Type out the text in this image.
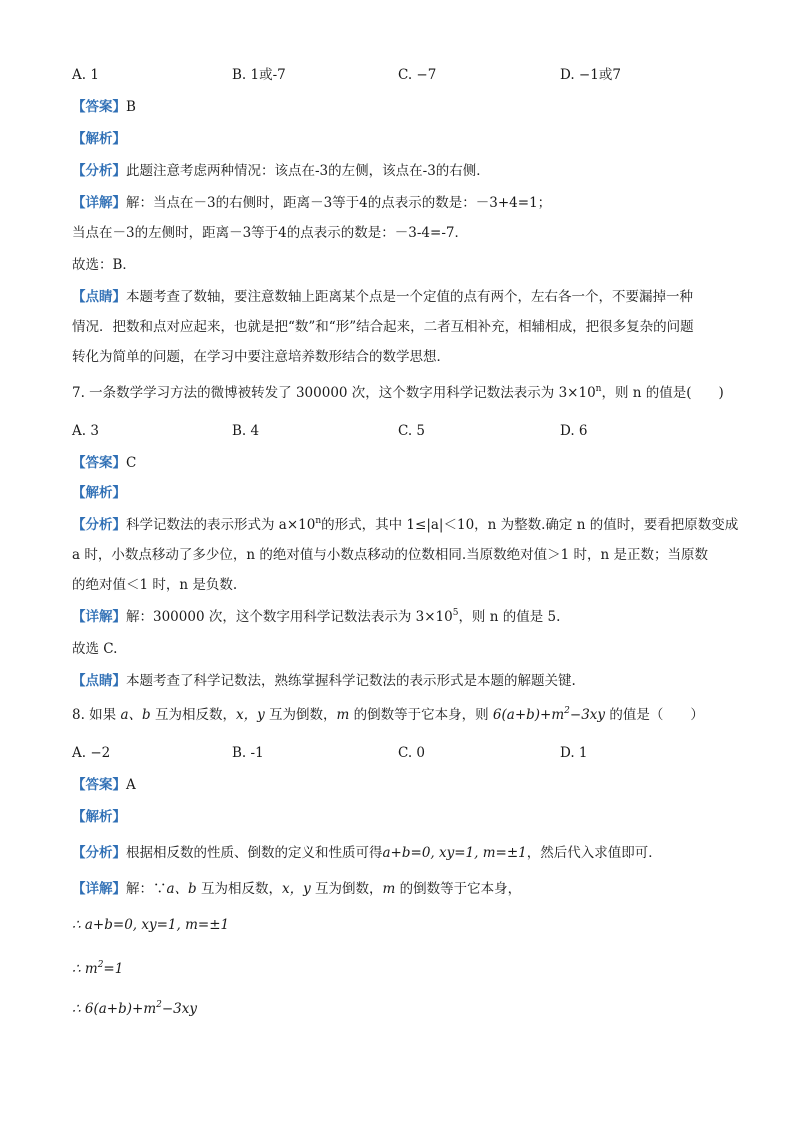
A. 1	B. 1或-7	C. −7	D. −1或7
【答案】B
【解析】
【分析】此题注意考虑两种情况：该点在-3的左侧，该点在-3的右侧．
【详解】解：当点在－3的右侧时，距离－3等于4的点表示的数是：－3+4=1；
当点在－3的左侧时，距离－3等于4的点表示的数是：－3-4=-7．
故选：B．
【点睛】本题考查了数轴，要注意数轴上距离某个点是一个定值的点有两个，左右各一个，不要漏掉一种
情况．把数和点对应起来，也就是把“数”和“形”结合起来，二者互相补充，相辅相成，把很多复杂的问题
转化为简单的问题，在学习中要注意培养数形结合的数学思想．
7. 一条数学学习方法的微博被转发了 300000 次，这个数字用科学记数法表示为 $3\times 10^n$，则 n 的值是(　　)
A. 3	B. 4	C. 5	D. 6
【答案】C
【解析】
【分析】科学记数法的表示形式为 $a\times 10^n$的形式，其中 1≤|a|＜10，n 为整数.确定 n 的值时，要看把原数变成
a 时，小数点移动了多少位，n 的绝对值与小数点移动的位数相同.当原数绝对值＞1 时，n 是正数；当原数
的绝对值＜1 时，n 是负数.
【详解】解：300000 次，这个数字用科学记数法表示为 $3\times 10^5$，则 n 的值是 5.
故选 C.
【点睛】本题考查了科学记数法，熟练掌握科学记数法的表示形式是本题的解题关键.
8. 如果 a、b 互为相反数，x，y 互为倒数，m 的倒数等于它本身，则 $6(a+b)+m^2-3xy$ 的值是（　　）
A. −2	B. -1	C. 0	D. 1
【答案】A
【解析】
【分析】根据相反数的性质、倒数的定义和性质可得a+b=0, xy=1, m=±1，然后代入求值即可．
【详解】解：∵a、b 互为相反数，x，y 互为倒数，m 的倒数等于它本身，
∴ a+b=0, xy=1, m=±1
∴ $m^2=1$
∴ $6(a+b)+m^2-3xy$
